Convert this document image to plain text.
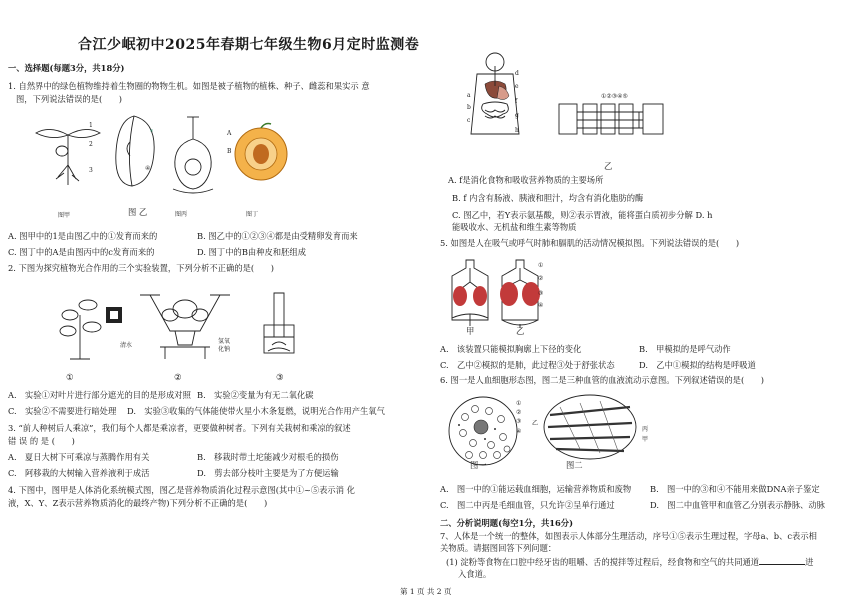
合江少岷初中2025年春期七年级生物6月定时监测卷
一、选择题(每题3分，共18分)
1. 自然界中的绿色植物维持着生物圈的物物生机。如图是被子植物的植株、种子、雌蕊和果实示 意
图，下列说法错误的是(　　)
1
2
3
*
④
A
B
图甲	图 乙	图丙	图丁
A. 图甲中的1是由图乙中的①发育而来的	B. 图乙中的①②③④都是由受精卵发育而来
C. 图丁中的A是由图丙中的c发育而来的	D. 图丁中的B由种皮和胚组成
2. 下图为探究植物光合作用的三个实验装置，下列分析不正确的是(　　)
清水
氢氧
化钠
①	②	③
A.　实验①对叶片进行部分遮光的目的是形成对照 B.　实验②变量为有无二氧化碳
C.　实验②不需要进行暗处理 D.　实验③收集的气体能使带火星小木条复燃，说明光合作用产生氧气
3. “前人种树后人乘凉”，我们每个人都是乘凉者，更要做种树者。下列有关栽树和乘凉的叙述
错 误 的 是 (　　)
A.　夏日大树下可乘凉与蒸腾作用有关	B.　移栽时带土坨能减少对根毛的损伤
C.　阿移栽的大树输入营养液利于成活	D.　剪去部分枝叶主要是为了方便运输
4. 下图中，图甲是人体消化系统模式图，图乙是营养物质消化过程示意图(其中①~⑤表示消 化
液，X、Y、Z表示营养物质消化的最终产物)下列分析不正确的是(　　)
a
b
c
d
e
f
g
h
①②③④⑤
乙
A. f是消化食物和吸收营养物质的主要场所
B. f 内含有肠液、胰液和胆汁，均含有消化脂肪的酶
C. 图乙中，若Y表示氨基酸，则②表示胃液，能将蛋白质初步分解 D. h
能吸收水、无机盐和维生素等物质
5. 如图是人在吸气或呼气时肺和膈肌的活动情况模拟图。下列说法错误的是(　　)
①
②
③
④
甲	乙
A.　该装置只能模拟胸廓上下径的变化	B.　甲模拟的是呼气动作
C.　乙中②模拟的是肺，此过程③处于舒张状态	D.　乙中①模拟的结构是呼吸道
6. 图一是人血细胞形态图，图二是三种血管的血液流动示意图。下列叙述错误的是(　　)
①
②
③
④
图一
乙
丙
甲
图二
A.　图一中的①能运载血细胞，运输营养物质和废物 B.　图一中的③和④不能用来做DNA亲子鉴定
C.　图二中丙是毛细血管，只允许②呈单行通过	D.　图二中血管甲和血管乙分别表示静脉、动脉
二、分析说明题(每空1分，共16分)
7、人体是一个统一的整体，如图表示人体部分生理活动，序号①⑤表示生理过程，字母a、b、c表示相
关物质。请据图回答下列问题：
(1) 淀粉等食物在口腔中经牙齿的咀嚼、舌的搅拌等过程后，经食物和空气的共同通道	进
入食道。
第 1 页 共 2 页
